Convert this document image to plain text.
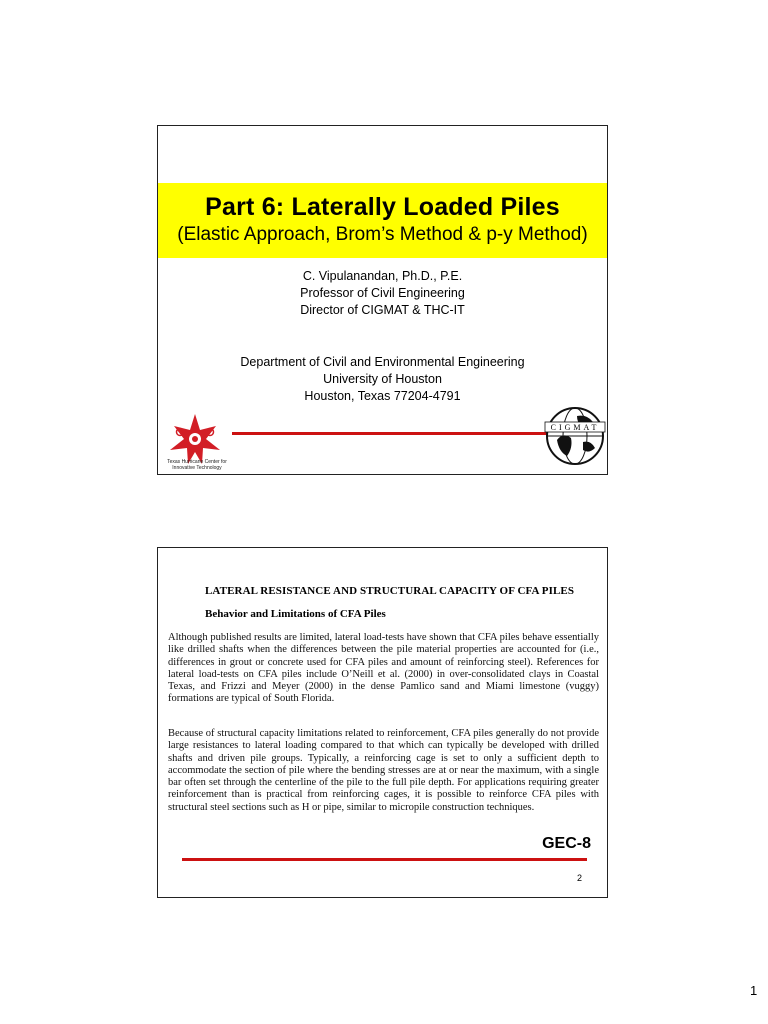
Part 6: Laterally Loaded Piles
(Elastic Approach, Brom’s Method & p-y Method)
C. Vipulanandan, Ph.D., P.E.
Professor of Civil Engineering
Director of CIGMAT & THC-IT
Department of Civil and Environmental Engineering
University of Houston
Houston, Texas 77204-4791
Texas Hurricane Center for Innovative Technology
CIGMAT
LATERAL RESISTANCE AND STRUCTURAL CAPACITY OF CFA PILES
Behavior and Limitations of CFA Piles

Although published results are limited, lateral load-tests have shown that CFA piles behave essentially like drilled shafts when the differences between the pile material properties are accounted for (i.e., differences in grout or concrete used for CFA piles and amount of reinforcing steel). References for lateral load-tests on CFA piles include O’Neill et al. (2000) in over-consolidated clays in Coastal Texas, and Frizzi and Meyer (2000) in the dense Pamlico sand and Miami limestone (vuggy) formations are typical of South Florida.

Because of structural capacity limitations related to reinforcement, CFA piles generally do not provide large resistances to lateral loading compared to that which can typically be developed with drilled shafts and driven pile groups. Typically, a reinforcing cage is set to only a sufficient depth to accommodate the section of pile where the bending stresses are at or near the maximum, with a single bar often set through the centerline of the pile to the full pile depth. For applications requiring greater reinforcement than is practical from reinforcing cages, it is possible to reinforce CFA piles with structural steel sections such as H or pipe, similar to micropile construction techniques.

GEC-8
2
1
